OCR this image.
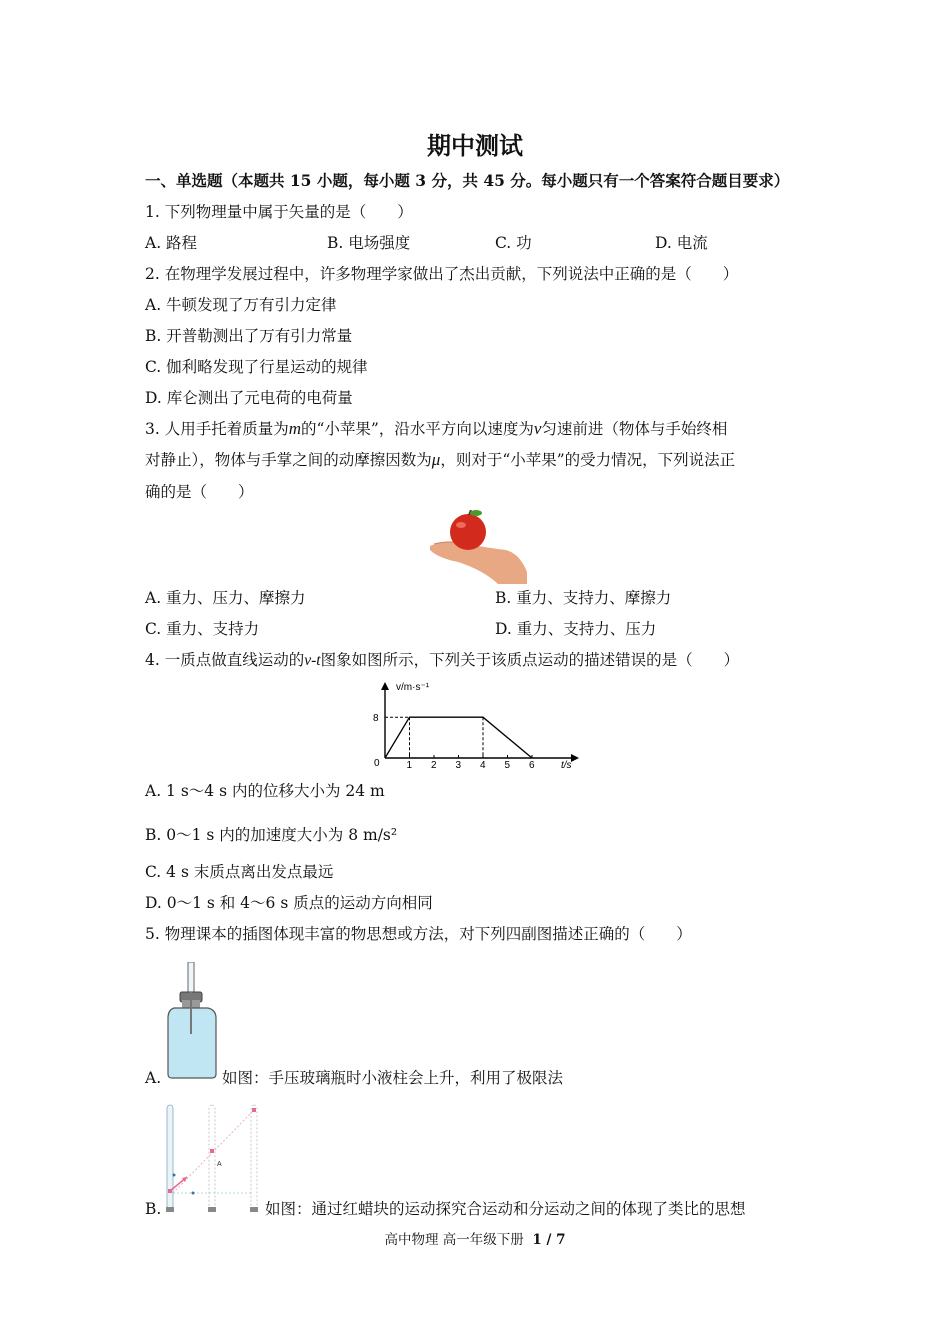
期中测试
一、单选题（本题共 15 小题，每小题 3 分，共 45 分。每小题只有一个答案符合题目要求）
1. 下列物理量中属于矢量的是（　　）
A. 路程	B. 电场强度	C. 功	D. 电流
2. 在物理学发展过程中，许多物理学家做出了杰出贡献，下列说法中正确的是（　　）
A. 牛顿发现了万有引力定律
B. 开普勒测出了万有引力常量
C. 伽利略发现了行星运动的规律
D. 库仑测出了元电荷的电荷量
3. 人用手托着质量为m的“小苹果”，沿水平方向以速度为v匀速前进（物体与手始终相
对静止），物体与手掌之间的动摩擦因数为μ，则对于“小苹果”的受力情况，下列说法正
确的是（　　）
A. 重力、压力、摩擦力	B. 重力、支持力、摩擦力
C. 重力、支持力	D. 重力、支持力、压力
4. 一质点做直线运动的v-t图象如图所示，下列关于该质点运动的描述错误的是（　　）
v/m·s⁻¹
t/s
0	1 2 3 4 5 6
8
A. 1 s～4 s 内的位移大小为 24 m
B. 0～1 s 内的加速度大小为 8 m/s²
C. 4 s 末质点离出发点最远
D. 0～1 s 和 4～6 s 质点的运动方向相同
5. 物理课本的插图体现丰富的物思想或方法，对下列四副图描述正确的（　　）
A.	如图：手压玻璃瓶时小液柱会上升，利用了极限法
A
B.	如图：通过红蜡块的运动探究合运动和分运动之间的体现了类比的思想
高中物理 高一年级下册 1 / 7
